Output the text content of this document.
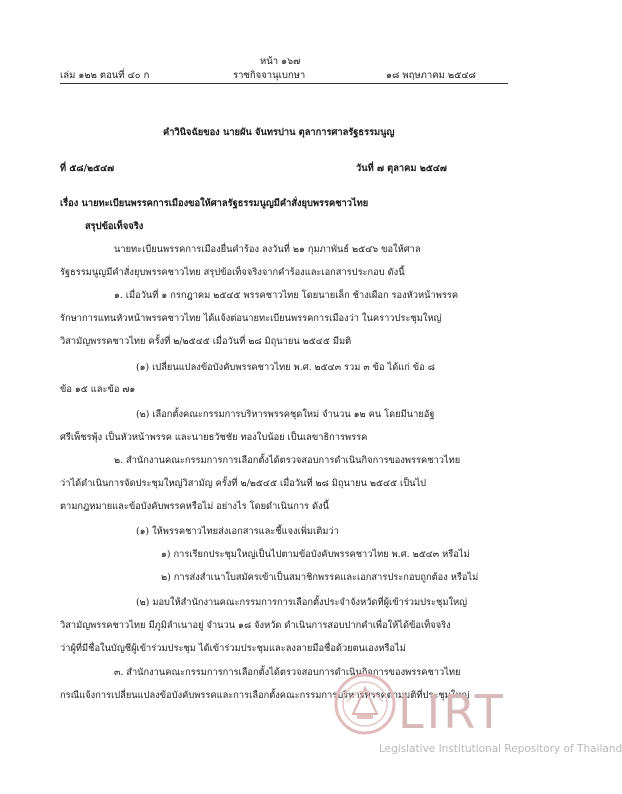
หน้า ๑๖๗
เล่ม ๑๒๒ ตอนที่ ๔๐ ก	ราชกิจจานุเบกษา	๑๘ พฤษภาคม ๒๕๔๘
คำวินิจฉัยของ นายผัน จันทรปาน ตุลาการศาลรัฐธรรมนูญ
ที่ ๕๘/๒๕๔๗	วันที่ ๗ ตุลาคม ๒๕๔๗
เรื่อง นายทะเบียนพรรคการเมืองขอให้ศาลรัฐธรรมนูญมีคำสั่งยุบพรรคชาวไทย
สรุปข้อเท็จจริง
นายทะเบียนพรรคการเมืองยื่นคำร้อง ลงวันที่ ๒๑ กุมภาพันธ์ ๒๕๔๖ ขอให้ศาล
รัฐธรรมนูญมีคำสั่งยุบพรรคชาวไทย สรุปข้อเท็จจริงจากคำร้องและเอกสารประกอบ ดังนี้
๑. เมื่อวันที่ ๑ กรกฎาคม ๒๕๔๕ พรรคชาวไทย โดยนายเล็ก ช้างเผือก รองหัวหน้าพรรค
รักษาการแทนหัวหน้าพรรคชาวไทย ได้แจ้งต่อนายทะเบียนพรรคการเมืองว่า ในคราวประชุมใหญ่
วิสามัญพรรคชาวไทย ครั้งที่ ๒/๒๕๔๕ เมื่อวันที่ ๒๘ มิถุนายน ๒๕๔๕ มีมติ
(๑) เปลี่ยนแปลงข้อบังคับพรรคชาวไทย พ.ศ. ๒๕๔๓ รวม ๓ ข้อ ได้แก่ ข้อ ๘
ข้อ ๑๕ และข้อ ๗๑
(๒) เลือกตั้งคณะกรรมการบริหารพรรคชุดใหม่ จำนวน ๑๒ คน โดยมีนายอัฐ
ศรีเพ็ชรพุ้ง เป็นหัวหน้าพรรค และนายธวัชชัย ทองใบน้อย เป็นเลขาธิการพรรค
๒. สำนักงานคณะกรรมการการเลือกตั้งได้ตรวจสอบการดำเนินกิจการของพรรคชาวไทย
ว่าได้ดำเนินการจัดประชุมใหญ่วิสามัญ ครั้งที่ ๒/๒๕๔๕ เมื่อวันที่ ๒๘ มิถุนายน ๒๕๔๕ เป็นไป
ตามกฎหมายและข้อบังคับพรรคหรือไม่ อย่างไร โดยดำเนินการ ดังนี้
(๑) ให้พรรคชาวไทยส่งเอกสารและชี้แจงเพิ่มเติมว่า
๑) การเรียกประชุมใหญ่เป็นไปตามข้อบังคับพรรคชาวไทย พ.ศ. ๒๕๔๓ หรือไม่
๒) การส่งสำเนาใบสมัครเข้าเป็นสมาชิกพรรคและเอกสารประกอบถูกต้อง หรือไม่
(๒) มอบให้สำนักงานคณะกรรมการการเลือกตั้งประจำจังหวัดที่ผู้เข้าร่วมประชุมใหญ่
วิสามัญพรรคชาวไทย มีภูมิลำเนาอยู่ จำนวน ๑๘ จังหวัด ดำเนินการสอบปากคำเพื่อให้ได้ข้อเท็จจริง
ว่าผู้ที่มีชื่อในบัญชีผู้เข้าร่วมประชุม ได้เข้าร่วมประชุมและลงลายมือชื่อด้วยตนเองหรือไม่
๓. สำนักงานคณะกรรมการการเลือกตั้งได้ตรวจสอบการดำเนินกิจการของพรรคชาวไทย
กรณีแจ้งการเปลี่ยนแปลงข้อบังคับพรรคและการเลือกตั้งคณะกรรมการบริหารพรรคตามมติที่ประชุมใหญ่
LIRT
Legislative Institutional Repository of Thailand
